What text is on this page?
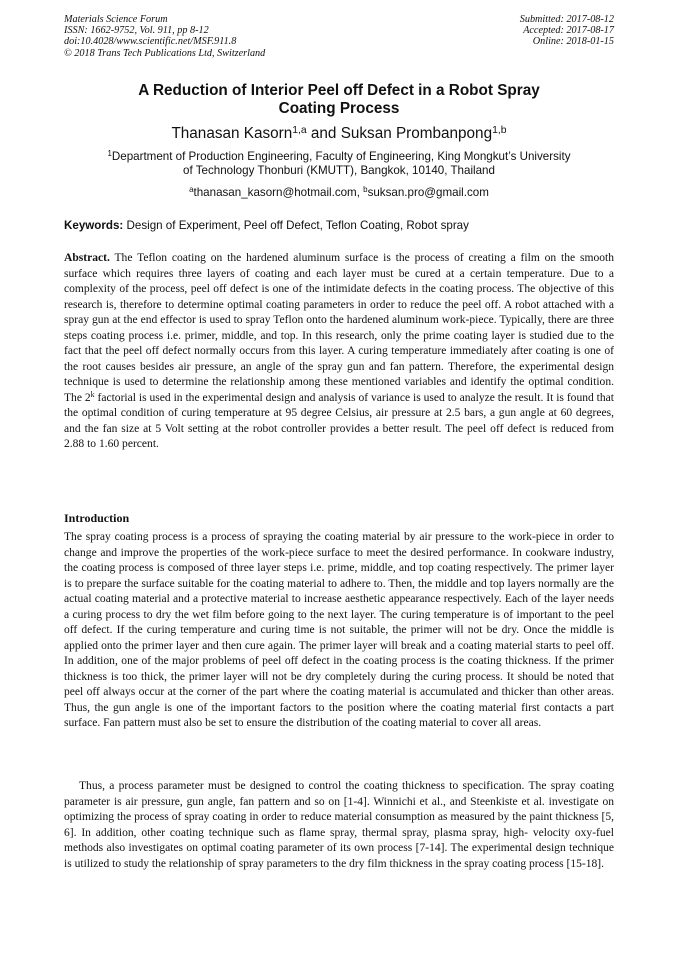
Materials Science Forum
ISSN: 1662-9752, Vol. 911, pp 8-12
doi:10.4028/www.scientific.net/MSF.911.8
© 2018 Trans Tech Publications Ltd, Switzerland
Submitted: 2017-08-12
Accepted: 2017-08-17
Online: 2018-01-15
A Reduction of Interior Peel off Defect in a Robot Spray
Coating Process
Thanasan Kasorn$^{1,a}$ and Suksan Prombanpong$^{1,b}$
$^1$Department of Production Engineering, Faculty of Engineering, King Mongkut’s University
of Technology Thonburi (KMUTT), Bangkok, 10140, Thailand
$^a$thanasan_kasorn@hotmail.com, $^b$suksan.pro@gmail.com
Keywords: Design of Experiment, Peel off Defect, Teflon Coating, Robot spray
Abstract. The Teflon coating on the hardened aluminum surface is the process of creating a film on the smooth surface which requires three layers of coating and each layer must be cured at a certain temperature. Due to a complexity of the process, peel off defect is one of the intimidate defects in the coating process. The objective of this research is, therefore to determine optimal coating parameters in order to reduce the peel off. A robot attached with a spray gun at the end effector is used to spray Teflon onto the hardened aluminum work-piece. Typically, there are three steps coating process i.e. primer, middle, and top. In this research, only the prime coating layer is studied due to the fact that the peel off defect normally occurs from this layer. A curing temperature immediately after coating is one of the root causes besides air pressure, an angle of the spray gun and fan pattern. Therefore, the experimental design technique is used to determine the relationship among these mentioned variables and identify the optimal condition. The 2$^k$ factorial is used in the experimental design and analysis of variance is used to analyze the result. It is found that the optimal condition of curing temperature at 95 degree Celsius, air pressure at 2.5 bars, a gun angle at 60 degrees, and the fan size at 5 Volt setting at the robot controller provides a better result. The peel off defect is reduced from 2.88 to 1.60 percent.
Introduction
The spray coating process is a process of spraying the coating material by air pressure to the work-piece in order to change and improve the properties of the work-piece surface to meet the desired performance. In cookware industry, the coating process is composed of three layer steps i.e. prime, middle, and top coating respectively. The primer layer is to prepare the surface suitable for the coating material to adhere to. Then, the middle and top layers normally are the actual coating material and a protective material to increase aesthetic appearance respectively. Each of the layer needs a curing process to dry the wet film before going to the next layer. The curing temperature is of important to the peel off defect. If the curing temperature and curing time is not suitable, the primer will not be dry. Once the middle is applied onto the primer layer and then cure again. The primer layer will break and a coating material starts to peel off. In addition, one of the major problems of peel off defect in the coating process is the coating thickness. If the primer thickness is too thick, the primer layer will not be dry completely during the curing process. It should be noted that peel off always occur at the corner of the part where the coating material is accumulated and thicker than other areas. Thus, the gun angle is one of the important factors to the position where the coating material first contacts a part surface. Fan pattern must also be set to ensure the distribution of the coating material to cover all areas.
Thus, a process parameter must be designed to control the coating thickness to specification. The spray coating parameter is air pressure, gun angle, fan pattern and so on [1-4]. Winnichi et al., and Steenkiste et al. investigate on optimizing the process of spray coating in order to reduce material consumption as measured by the paint thickness [5, 6]. In addition, other coating technique such as flame spray, thermal spray, plasma spray, high- velocity oxy-fuel methods also investigates on optimal coating parameter of its own process [7-14]. The experimental design technique is utilized to study the relationship of spray parameters to the dry film thickness in the spray coating process [15-18].
